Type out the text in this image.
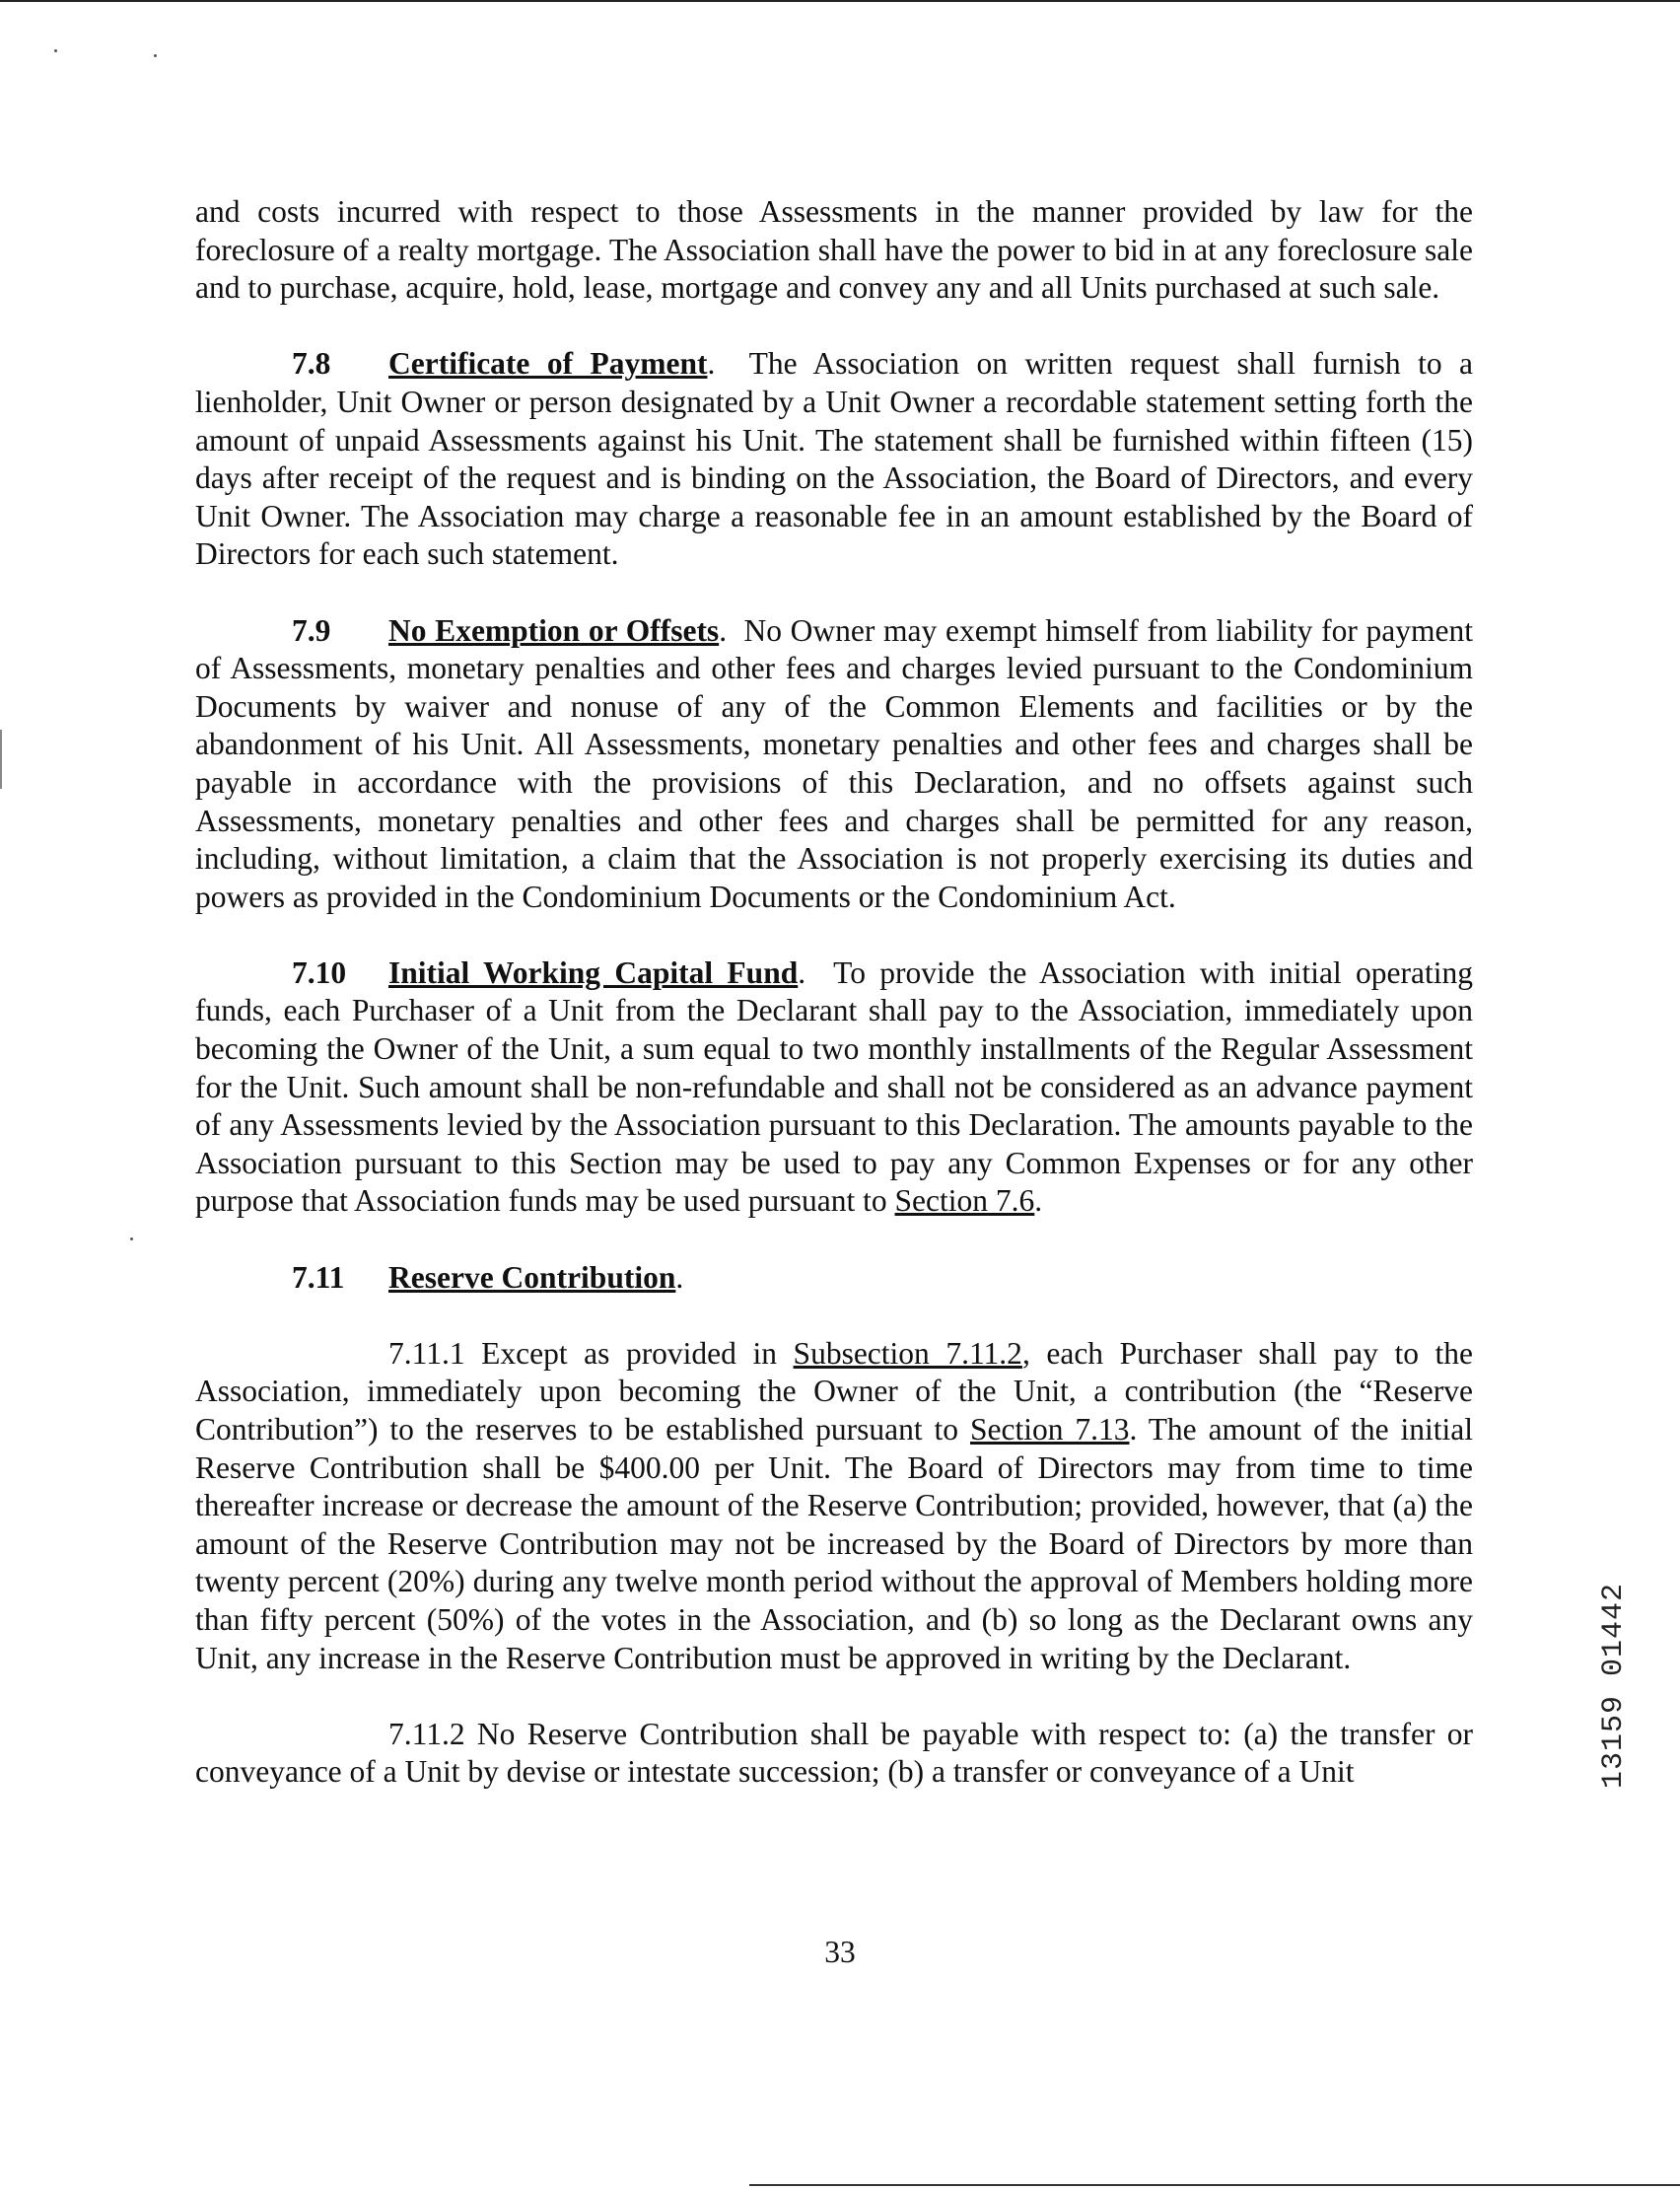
and costs incurred with respect to those Assessments in the manner provided by law for the foreclosure of a realty mortgage. The Association shall have the power to bid in at any foreclosure sale and to purchase, acquire, hold, lease, mortgage and convey any and all Units purchased at such sale.

7.8 Certificate of Payment.  The Association on written request shall furnish to a lienholder, Unit Owner or person designated by a Unit Owner a recordable statement setting forth the amount of unpaid Assessments against his Unit. The statement shall be furnished within fifteen (15) days after receipt of the request and is binding on the Association, the Board of Directors, and every Unit Owner. The Association may charge a reasonable fee in an amount established by the Board of Directors for each such statement.

7.9 No Exemption or Offsets.  No Owner may exempt himself from liability for payment of Assessments, monetary penalties and other fees and charges levied pursuant to the Condominium Documents by waiver and nonuse of any of the Common Elements and facilities or by the abandonment of his Unit. All Assessments, monetary penalties and other fees and charges shall be payable in accordance with the provisions of this Declaration, and no offsets against such Assessments, monetary penalties and other fees and charges shall be permitted for any reason, including, without limitation, a claim that the Association is not properly exercising its duties and powers as provided in the Condominium Documents or the Condominium Act.

7.10 Initial Working Capital Fund.  To provide the Association with initial operating funds, each Purchaser of a Unit from the Declarant shall pay to the Association, immediately upon becoming the Owner of the Unit, a sum equal to two monthly installments of the Regular Assessment for the Unit. Such amount shall be non-refundable and shall not be considered as an advance payment of any Assessments levied by the Association pursuant to this Declaration. The amounts payable to the Association pursuant to this Section may be used to pay any Common Expenses or for any other purpose that Association funds may be used pursuant to Section 7.6.

7.11 Reserve Contribution.

7.11.1 Except as provided in Subsection 7.11.2, each Purchaser shall pay to the Association, immediately upon becoming the Owner of the Unit, a contribution (the “Reserve Contribution”) to the reserves to be established pursuant to Section 7.13. The amount of the initial Reserve Contribution shall be $400.00 per Unit. The Board of Directors may from time to time thereafter increase or decrease the amount of the Reserve Contribution; provided, however, that (a) the amount of the Reserve Contribution may not be increased by the Board of Directors by more than twenty percent (20%) during any twelve month period without the approval of Members holding more than fifty percent (50%) of the votes in the Association, and (b) so long as the Declarant owns any Unit, any increase in the Reserve Contribution must be approved in writing by the Declarant.

7.11.2 No Reserve Contribution shall be payable with respect to: (a) the transfer or conveyance of a Unit by devise or intestate succession; (b) a transfer or conveyance of a Unit

33
13159 01442
